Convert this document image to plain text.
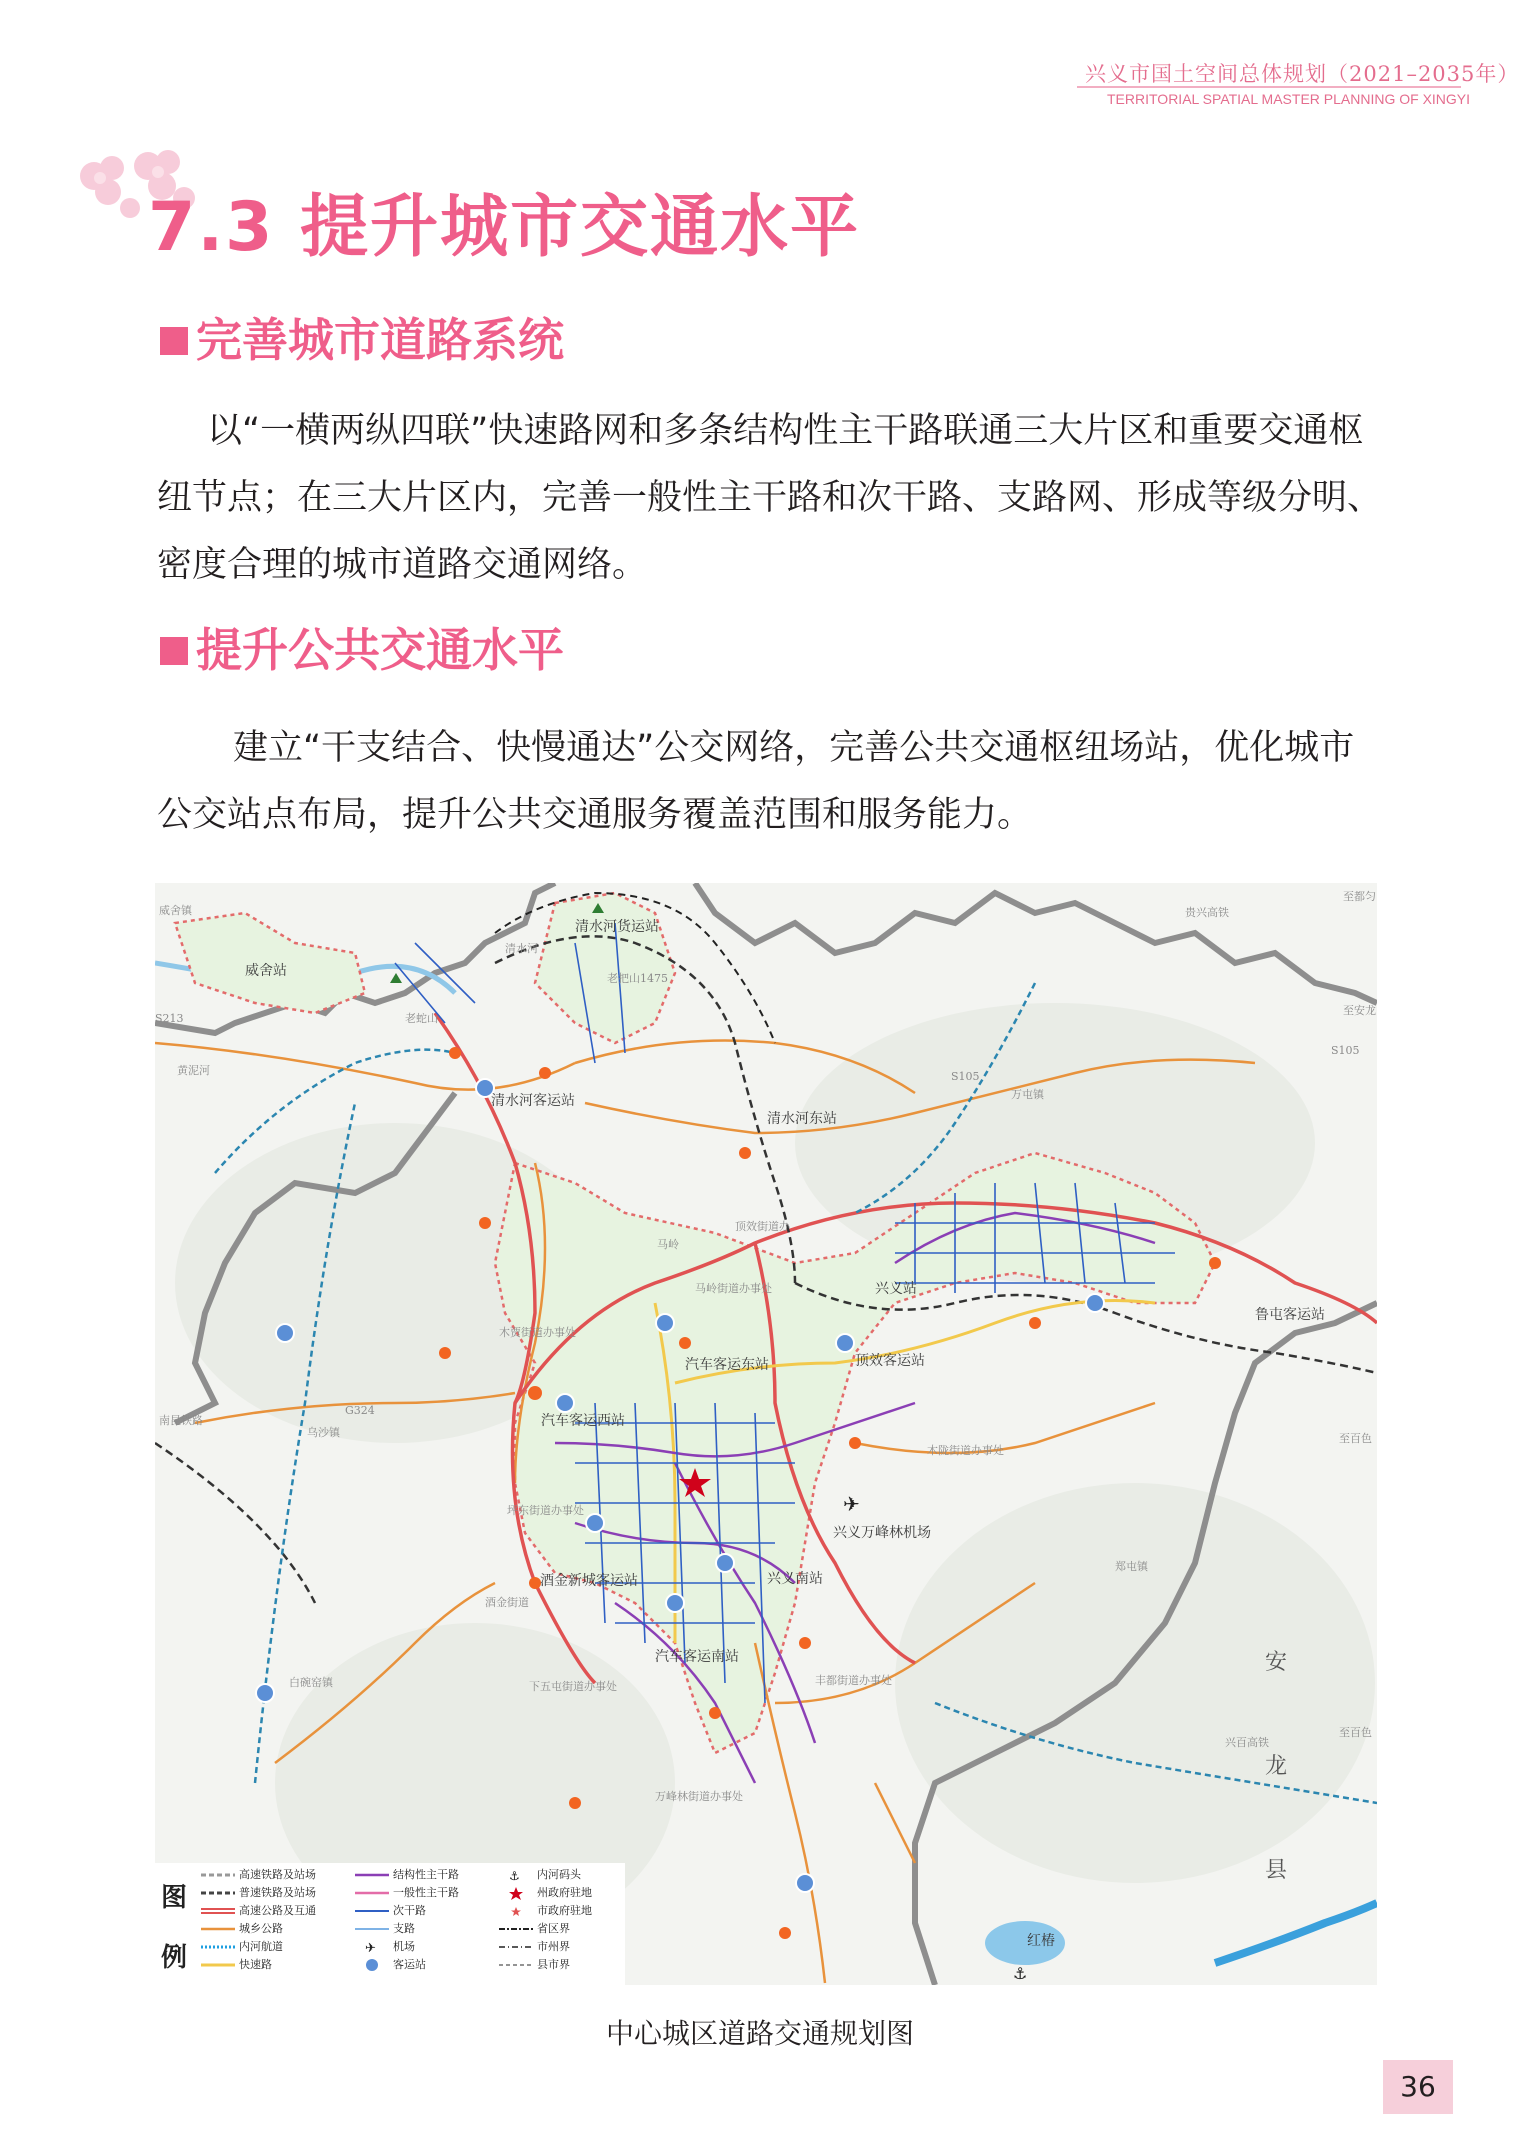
兴义市国土空间总体规划（2021–2035年）
TERRITORIAL SPATIAL MASTER PLANNING OF XINGYI
7.3 提升城市交通水平
完善城市道路系统

以“一横两纵四联”快速路网和多条结构性主干路联通三大片区和重要交通枢纽节点；在三大片区内，完善一般性主干路和次干路、支路网、形成等级分明、密度合理的城市道路交通网络。

提升公共交通水平

建立“干支结合、快慢通达”公交网络，完善公共交通枢纽场站，优化城市公交站点布局，提升公共交通服务覆盖范围和服务能力。

✈
⚓
威舍镇
威舍站
S213
清水河货运站
老把山1475
老蛇山
清水河客运站
清水河东站
S105
万屯镇
贵兴高铁
至都匀
至安龙
S105
兴义站
鲁屯客运站
顶效客运站
汽车客运东站
汽车客运西站
乌沙镇
G324
南昆铁路
木陇街道办事处
兴义万峰林机场
兴义南站
酒金新城客运站
汽车客运南站
郑屯镇
白碗窑镇
万峰林街道办事处
安
龙
县
红椿
至百色
至百色
兴百高铁
马岭
马岭街道办事处
木贾街道办事处
坪东街道办事处
酒金街道
丰都街道办事处
下五屯街道办事处
顶效街道办
黄泥河
清水河
图
例
高速铁路及站场
普速铁路及站场
高速公路及互通
城乡公路
内河航道
快速路
结构性主干路
一般性主干路
次干路
支路
✈ 机场
客运站
⚓ 内河码头
州政府驻地
市政府驻地
省区界
市州界
县市界
中心城区道路交通规划图
36
